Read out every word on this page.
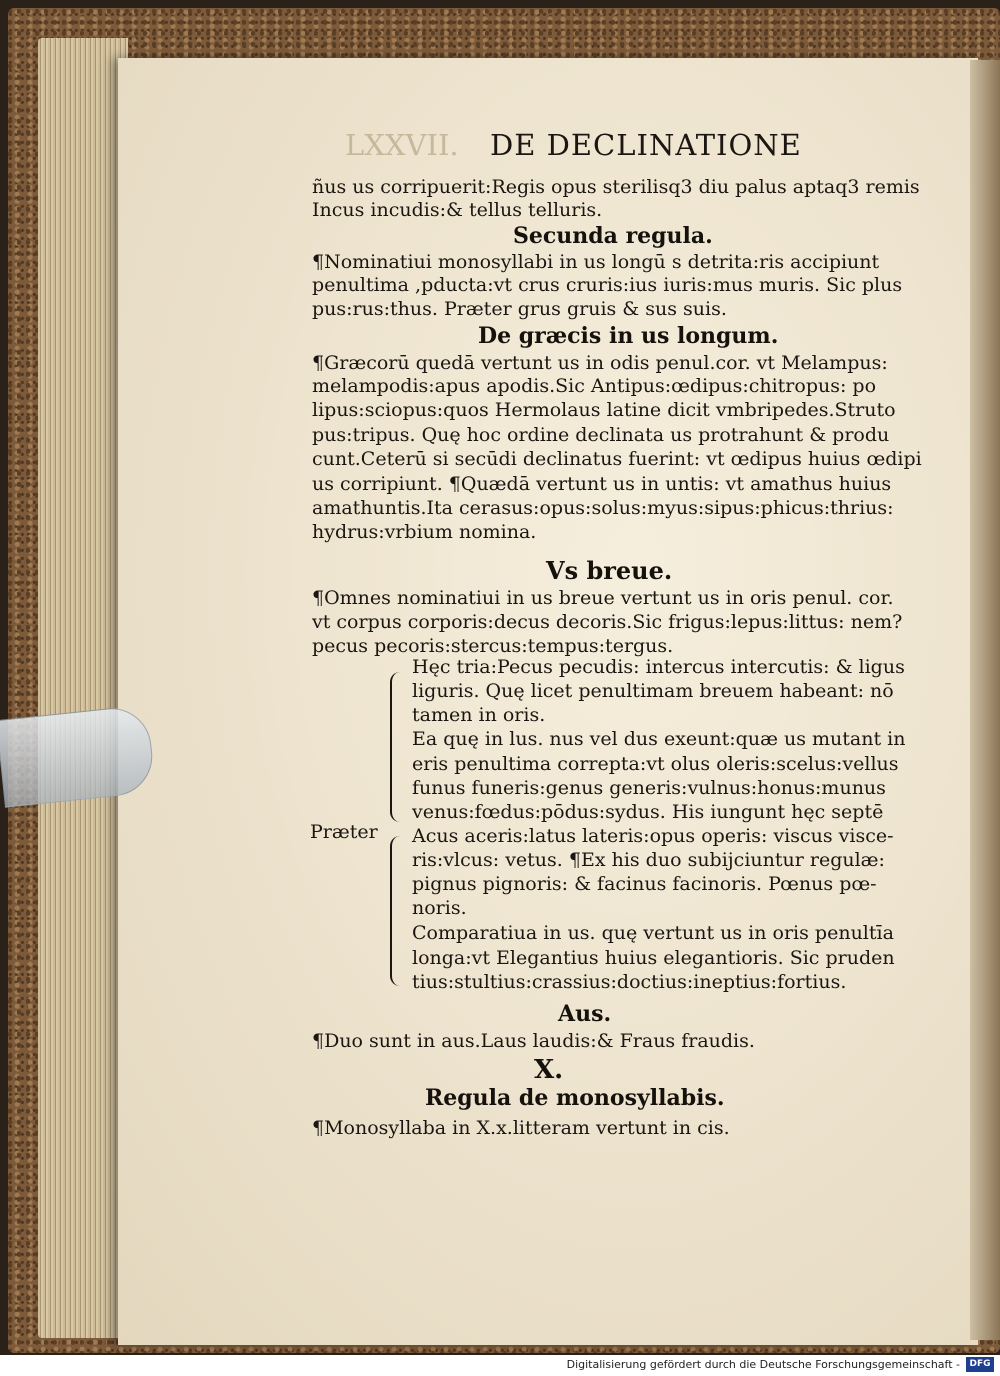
LXXVII. DE DECLINATIONE
ñus us corripuerit:Regis opus sterilisq3 diu palus aptaq3 remis
Incus incudis:& tellus telluris.
Secunda regula.
¶Nominatiui monosyllabi in us longū s detrita:ris accipiunt
penultima ,pducta:vt crus cruris:ius iuris:mus muris. Sic plus
pus:rus:thus. Præter grus gruis & sus suis.
De græcis in us longum.
¶Græcorū quedā vertunt us in odis penul.cor. vt Melampus:
melampodis:apus apodis.Sic Antipus:œdipus:chitropus: po
lipus:sciopus:quos Hermolaus latine dicit vmbripedes.Struto
pus:tripus. Quę hoc ordine declinata us protrahunt & produ
cunt.Ceterū si secūdi declinatus fuerint: vt œdipus huius œdipi
us corripiunt. ¶Quædā vertunt us in untis: vt amathus huius
amathuntis.Ita cerasus:opus:solus:myus:sipus:phicus:thrius:
hydrus:vrbium nomina.
Vs breue.
¶Omnes nominatiui in us breue vertunt us in oris penul. cor.
vt corpus corporis:decus decoris.Sic frigus:lepus:littus: nem?
pecus pecoris:stercus:tempus:tergus.
Præter
Hęc tria:Pecus pecudis: intercus intercutis: & ligus
liguris. Quę licet penultimam breuem habeant: nō
tamen in oris.
Ea quę in lus. nus vel dus exeunt:quæ us mutant in
eris penultima correpta:vt olus oleris:scelus:vellus
funus funeris:genus generis:vulnus:honus:munus
venus:fœdus:pōdus:sydus. His iungunt hęc septē
Acus aceris:latus lateris:opus operis: viscus visce-
ris:vlcus: vetus. ¶Ex his duo subijciuntur regulæ:
pignus pignoris: & facinus facinoris. Pœnus pœ-
noris.
Comparatiua in us. quę vertunt us in oris penultīa
longa:vt Elegantius huius elegantioris. Sic pruden
tius:stultius:crassius:doctius:ineptius:fortius.
Aus.
¶Duo sunt in aus.Laus laudis:& Fraus fraudis.
X.
Regula de monosyllabis.
¶Monosyllaba in X.x.litteram vertunt in cis.
Digitalisierung gefördert durch die Deutsche Forschungsgemeinschaft -	DFG
